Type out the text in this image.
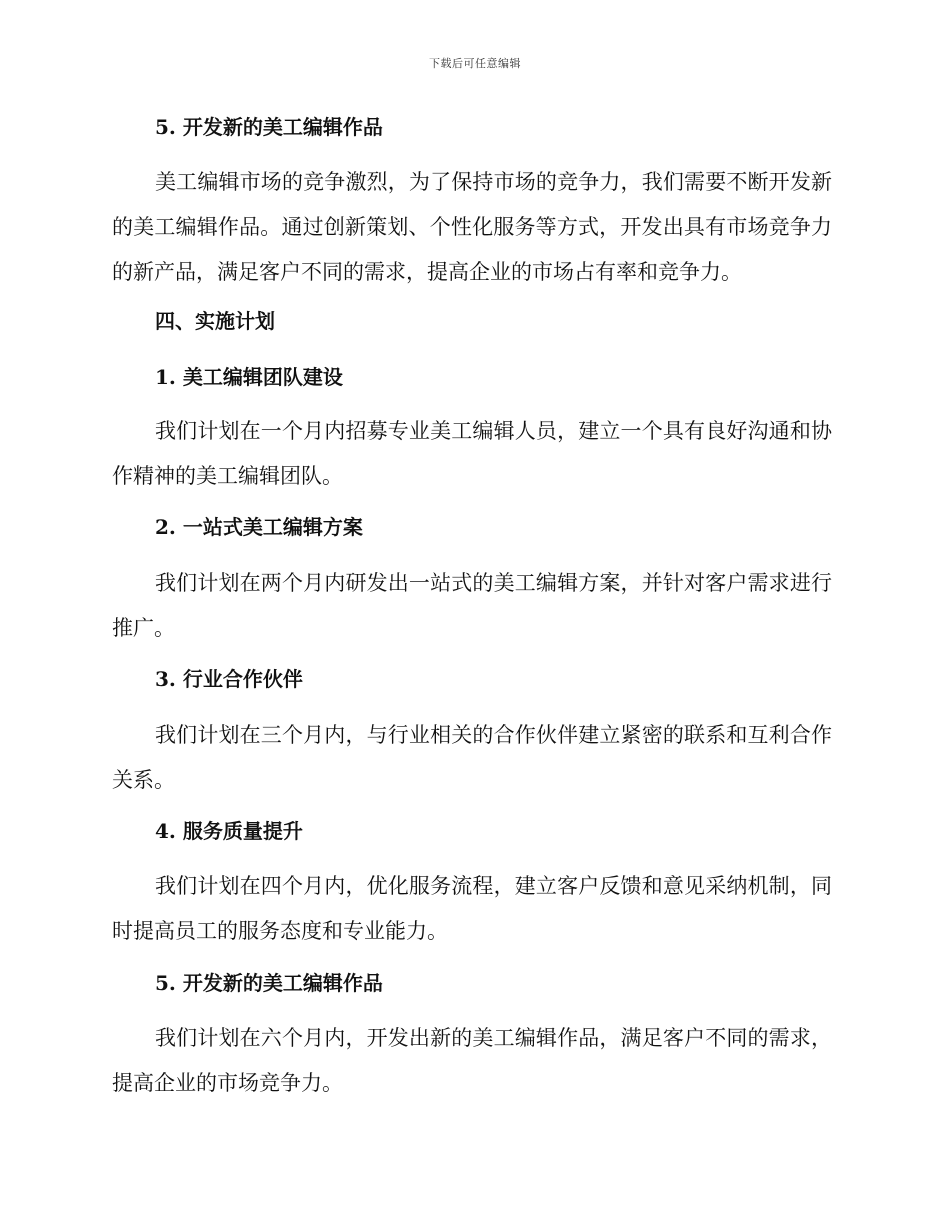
下载后可任意编辑
5. 开发新的美工编辑作品
美工编辑市场的竞争激烈，为了保持市场的竞争力，我们需要不断开发新的美工编辑作品。通过创新策划、个性化服务等方式，开发出具有市场竞争力的新产品，满足客户不同的需求，提高企业的市场占有率和竞争力。
四、实施计划
1. 美工编辑团队建设
我们计划在一个月内招募专业美工编辑人员，建立一个具有良好沟通和协作精神的美工编辑团队。
2. 一站式美工编辑方案
我们计划在两个月内研发出一站式的美工编辑方案，并针对客户需求进行推广。
3. 行业合作伙伴
我们计划在三个月内，与行业相关的合作伙伴建立紧密的联系和互利合作关系。
4. 服务质量提升
我们计划在四个月内，优化服务流程，建立客户反馈和意见采纳机制，同时提高员工的服务态度和专业能力。
5. 开发新的美工编辑作品
我们计划在六个月内，开发出新的美工编辑作品，满足客户不同的需求，提高企业的市场竞争力。
